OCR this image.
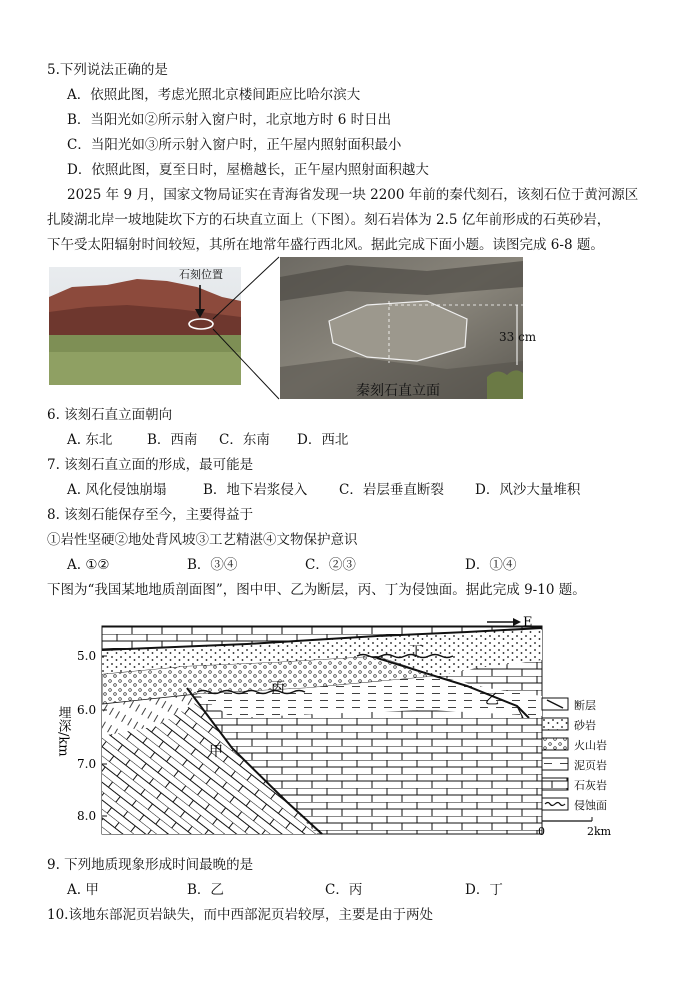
5.下列说法正确的是
A．依照此图，考虑光照北京楼间距应比哈尔滨大
B．当阳光如②所示射入窗户时，北京地方时 6 时日出
C．当阳光如③所示射入窗户时，正午屋内照射面积最小
D．依照此图，夏至日时，屋檐越长，正午屋内照射面积越大
2025 年 9 月，国家文物局证实在青海省发现一块 2200 年前的秦代刻石，该刻石位于黄河源区
扎陵湖北岸一坡地陡坎下方的石块直立面上（下图）。刻石岩体为 2.5 亿年前形成的石英砂岩，
下午受太阳辐射时间较短，其所在地常年盛行西北风。据此完成下面小题。读图完成 6-8 题。
石刻位置
33 cm
秦刻石直立面
6. 该刻石直立面朝向
A. 东北	B．西南 C．东南 D．西北
7. 该刻石直立面的形成，最可能是
A. 风化侵蚀崩塌	B．地下岩浆侵入 C．岩层垂直断裂 D．风沙大量堆积
8. 该刻石能保存至今，主要得益于
①岩性坚硬②地处背风坡③工艺精湛④文物保护意识
A. ①②	B．③④	C．②③	D．①④
下图为“我国某地地质剖面图”，图中甲、乙为断层，丙、丁为侵蚀面。据此完成 9-10 题。
E
5.0
6.0
7.0
8.0
埋深/km	甲
乙
丙
丁
断层
砂岩
火山岩
泥页岩
石灰岩
侵蚀面
0	2km
9. 下列地质现象形成时间最晚的是
A. 甲	B．乙	C．丙	D．丁
10.该地东部泥页岩缺失，而中西部泥页岩较厚，主要是由于两处
